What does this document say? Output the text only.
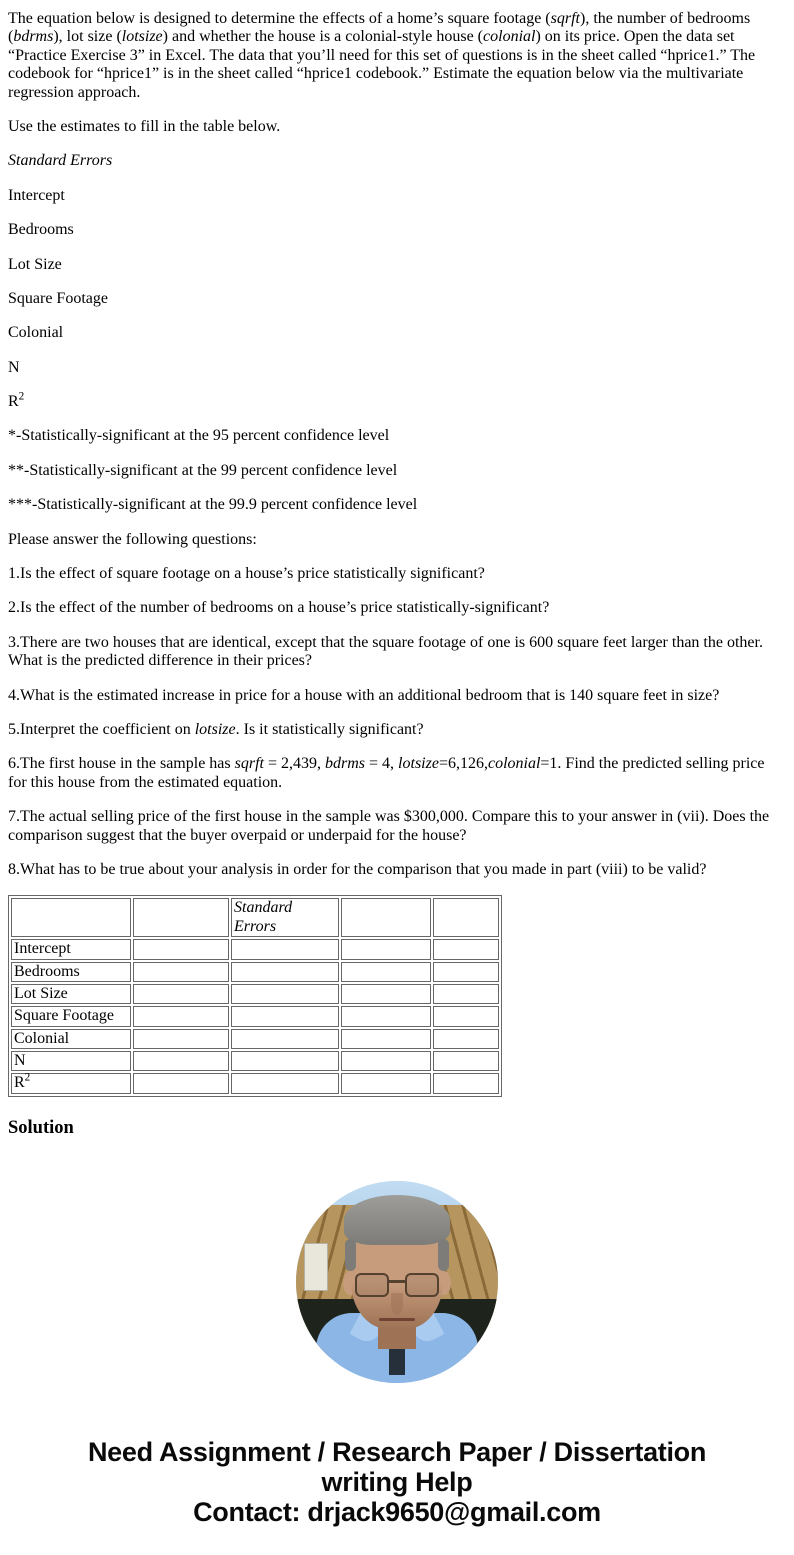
The equation below is designed to determine the effects of a home’s square footage (sqrft), the number of bedrooms (bdrms), lot size (lotsize) and whether the house is a colonial-style house (colonial) on its price. Open the data set “Practice Exercise 3” in Excel. The data that you’ll need for this set of questions is in the sheet called “hprice1.” The codebook for “hprice1” is in the sheet called “hprice1 codebook.” Estimate the equation below via the multivariate regression approach.

Use the estimates to fill in the table below.

Standard Errors

Intercept

Bedrooms

Lot Size

Square Footage

Colonial

N

$R^2$

*-Statistically-significant at the 95 percent confidence level

**-Statistically-significant at the 99 percent confidence level

***-Statistically-significant at the 99.9 percent confidence level

Please answer the following questions:

1.Is the effect of square footage on a house’s price statistically significant?

2.Is the effect of the number of bedrooms on a house’s price statistically-significant?

3.There are two houses that are identical, except that the square footage of one is 600 square feet larger than the other. What is the predicted difference in their prices?

4.What is the estimated increase in price for a house with an additional bedroom that is 140 square feet in size?

5.Interpret the coefficient on lotsize. Is it statistically significant?

6.The first house in the sample has sqrft = 2,439, bdrms = 4, lotsize=6,126,colonial=1. Find the predicted selling price for this house from the estimated equation.

7.The actual selling price of the first house in the sample was $300,000. Compare this to your answer in (vii). Does the comparison suggest that the buyer overpaid or underpaid for the house?

8.What has to be true about your analysis in order for the comparison that you made in part (viii) to be valid?

		Standard Errors		
Intercept				
Bedrooms				
Lot Size				
Square Footage				
Colonial				
N				
$R^2$				
Solution
Need Assignment / Research Paper / Dissertation
writing Help
Contact: drjack9650@gmail.com
